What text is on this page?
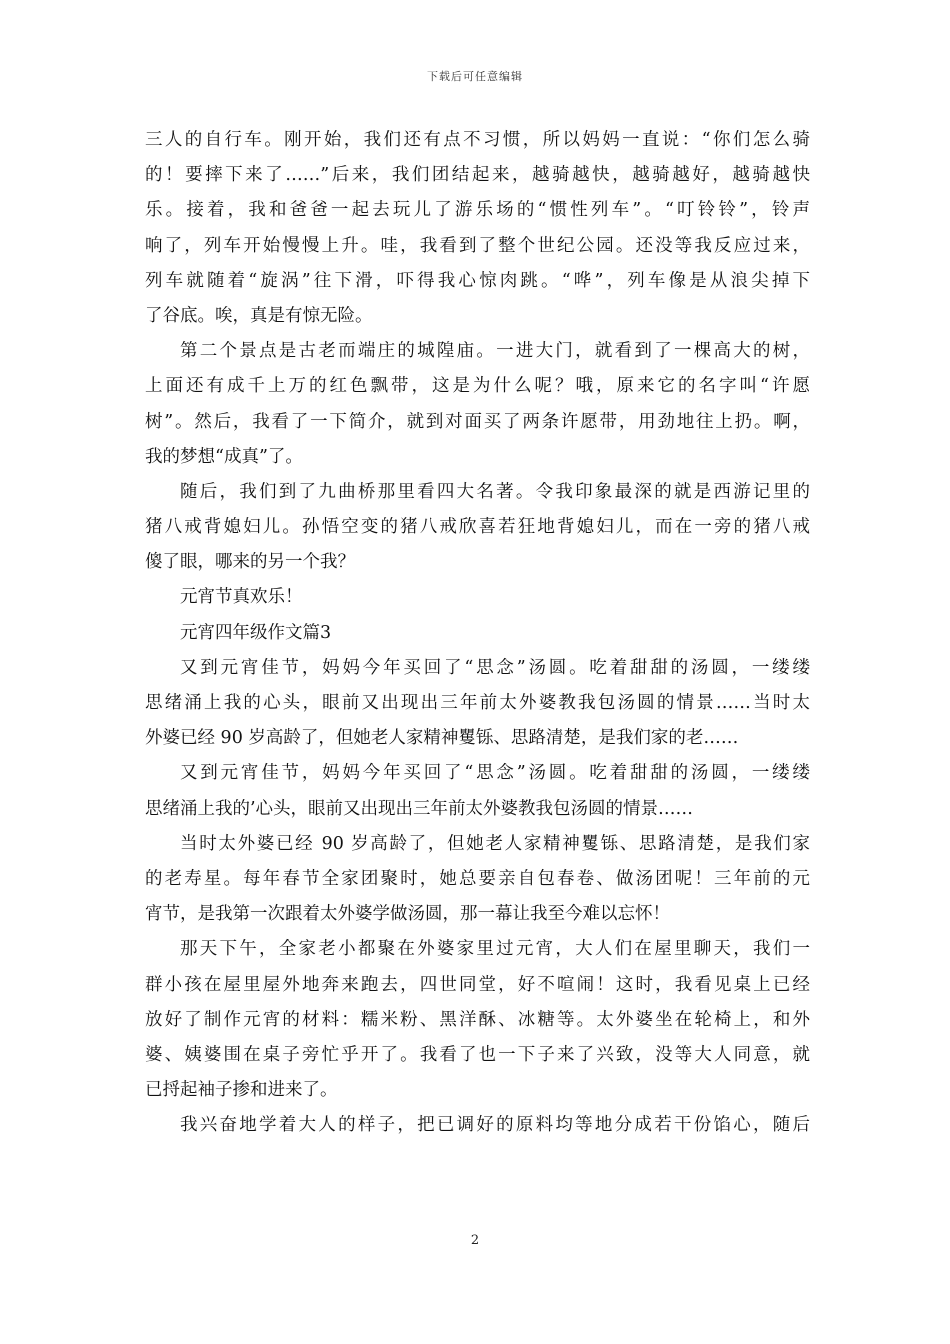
下载后可任意编辑
三人的自行车。刚开始，我们还有点不习惯，所以妈妈一直说：“你们怎么骑
的！要摔下来了……”后来，我们团结起来，越骑越快，越骑越好，越骑越快
乐。接着，我和爸爸一起去玩儿了游乐场的“惯性列车”。“叮铃铃”，铃声
响了，列车开始慢慢上升。哇，我看到了整个世纪公园。还没等我反应过来，
列车就随着“旋涡”往下滑，吓得我心惊肉跳。“哗”，列车像是从浪尖掉下
了谷底。唉，真是有惊无险。
第二个景点是古老而端庄的城隍庙。一进大门，就看到了一棵高大的树，
上面还有成千上万的红色飘带，这是为什么呢？哦，原来它的名字叫“许愿
树”。然后，我看了一下简介，就到对面买了两条许愿带，用劲地往上扔。啊，
我的梦想“成真”了。
随后，我们到了九曲桥那里看四大名著。令我印象最深的就是西游记里的
猪八戒背媳妇儿。孙悟空变的猪八戒欣喜若狂地背媳妇儿，而在一旁的猪八戒
傻了眼，哪来的另一个我？
元宵节真欢乐！
元宵四年级作文篇3
又到元宵佳节，妈妈今年买回了“思念”汤圆。吃着甜甜的汤圆，一缕缕
思绪涌上我的心头，眼前又出现出三年前太外婆教我包汤圆的情景……当时太
外婆已经 90 岁高龄了，但她老人家精神矍铄、思路清楚，是我们家的老……
又到元宵佳节，妈妈今年买回了“思念”汤圆。吃着甜甜的汤圆，一缕缕
思绪涌上我的’心头，眼前又出现出三年前太外婆教我包汤圆的情景……
当时太外婆已经 90 岁高龄了，但她老人家精神矍铄、思路清楚，是我们家
的老寿星。每年春节全家团聚时，她总要亲自包春卷、做汤团呢！三年前的元
宵节，是我第一次跟着太外婆学做汤圆，那一幕让我至今难以忘怀！
那天下午，全家老小都聚在外婆家里过元宵，大人们在屋里聊天，我们一
群小孩在屋里屋外地奔来跑去，四世同堂，好不喧闹！这时，我看见桌上已经
放好了制作元宵的材料：糯米粉、黑洋酥、冰糖等。太外婆坐在轮椅上，和外
婆、姨婆围在桌子旁忙乎开了。我看了也一下子来了兴致，没等大人同意，就
已捋起袖子掺和进来了。
我兴奋地学着大人的样子，把已调好的原料均等地分成若干份馅心，随后
2
